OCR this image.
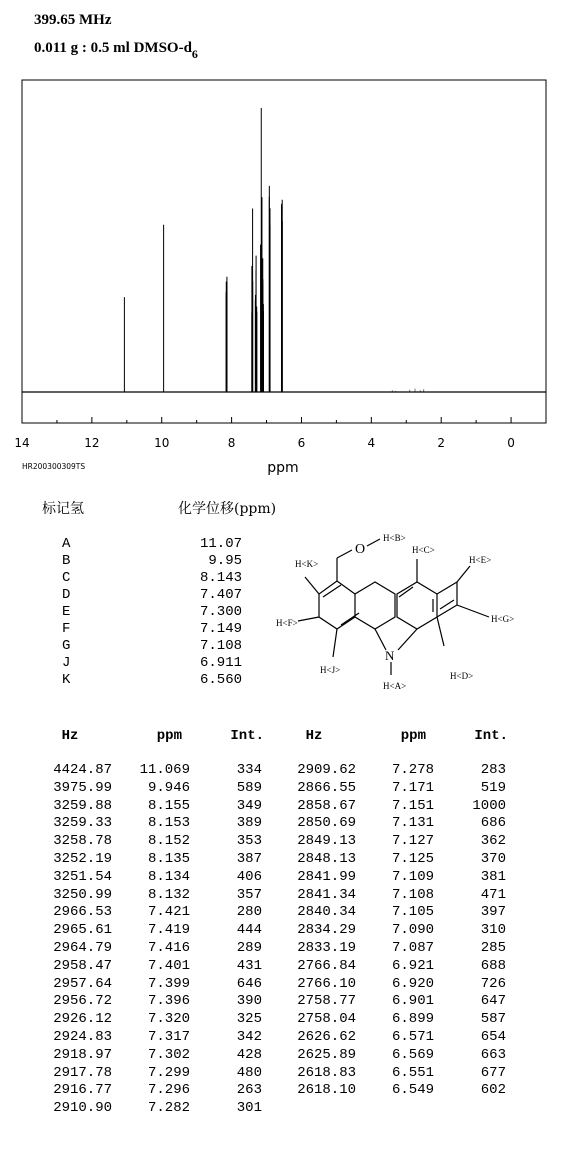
399.65 MHz
0.011 g : 0.5 ml DMSO-$d_6$
14	12	10	8	6	4	2	0
HR200300309TS	ppm
标记氢	化学位移(ppm)
A	11.07
B	9.95
C	8.143
D	7.407
E	7.300
F	7.149
G	7.108
J	6.911
K	6.560
O
N
H<B>
H<C>
H<E>
H<G>
H<D>
H<A>
H<J>
H<F>
H<K>
Hz	ppm	Int.
4424.87 11.069	334
3975.99	9.946	589
3259.88	8.155	349
3259.33	8.153	389
3258.78	8.152	353
3252.19	8.135	387
3251.54	8.134	406
3250.99	8.132	357
2966.53	7.421	280
2965.61	7.419	444
2964.79	7.416	289
2958.47	7.401	431
2957.64	7.399	646
2956.72	7.396	390
2926.12	7.320	325
2924.83	7.317	342
2918.97	7.302	428
2917.78	7.299	480
2916.77	7.296	263
2910.90	7.282	301
Hz	ppm	Int.
2909.62	7.278	283
2866.55	7.171	519
2858.67	7.151	1000
2850.69	7.131	686
2849.13	7.127	362
2848.13	7.125	370
2841.99	7.109	381
2841.34	7.108	471
2840.34	7.105	397
2834.29	7.090	310
2833.19	7.087	285
2766.84	6.921	688
2766.10	6.920	726
2758.77	6.901	647
2758.04	6.899	587
2626.62	6.571	654
2625.89	6.569	663
2618.83	6.551	677
2618.10	6.549	602
